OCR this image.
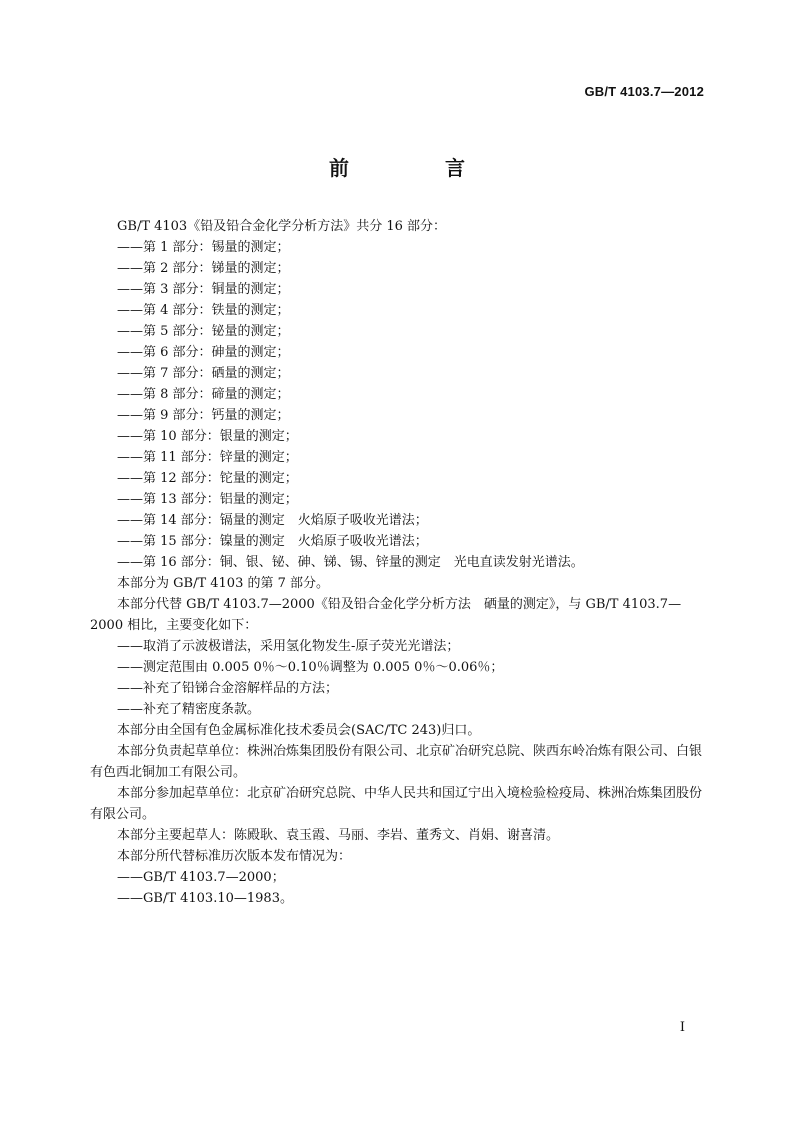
GB/T 4103.7—2012
前　言

GB/T 4103《铅及铅合金化学分析方法》共分 16 部分：

——第 1 部分：锡量的测定；

——第 2 部分：锑量的测定；

——第 3 部分：铜量的测定；

——第 4 部分：铁量的测定；

——第 5 部分：铋量的测定；

——第 6 部分：砷量的测定；

——第 7 部分：硒量的测定；

——第 8 部分：碲量的测定；

——第 9 部分：钙量的测定；

——第 10 部分：银量的测定；

——第 11 部分：锌量的测定；

——第 12 部分：铊量的测定；

——第 13 部分：铝量的测定；

——第 14 部分：镉量的测定　火焰原子吸收光谱法；

——第 15 部分：镍量的测定　火焰原子吸收光谱法；

——第 16 部分：铜、银、铋、砷、锑、锡、锌量的测定　光电直读发射光谱法。

本部分为 GB/T 4103 的第 7 部分。

本部分代替 GB/T 4103.7—2000《铅及铅合金化学分析方法　硒量的测定》，与 GB/T 4103.7—2000 相比，主要变化如下：

——取消了示波极谱法，采用氢化物发生-原子荧光光谱法；

——测定范围由 0.005 0％～0.10％调整为 0.005 0％～0.06％；

——补充了铅锑合金溶解样品的方法；

——补充了精密度条款。

本部分由全国有色金属标准化技术委员会(SAC/TC 243)归口。

本部分负责起草单位：株洲冶炼集团股份有限公司、北京矿冶研究总院、陕西东岭冶炼有限公司、白银有色西北铜加工有限公司。
本部分参加起草单位：北京矿冶研究总院、中华人民共和国辽宁出入境检验检疫局、株洲冶炼集团股份有限公司。

本部分主要起草人：陈殿耿、袁玉霞、马丽、李岩、董秀文、肖娟、谢喜清。

本部分所代替标准历次版本发布情况为：

——GB/T 4103.7—2000；

——GB/T 4103.10—1983。

I
